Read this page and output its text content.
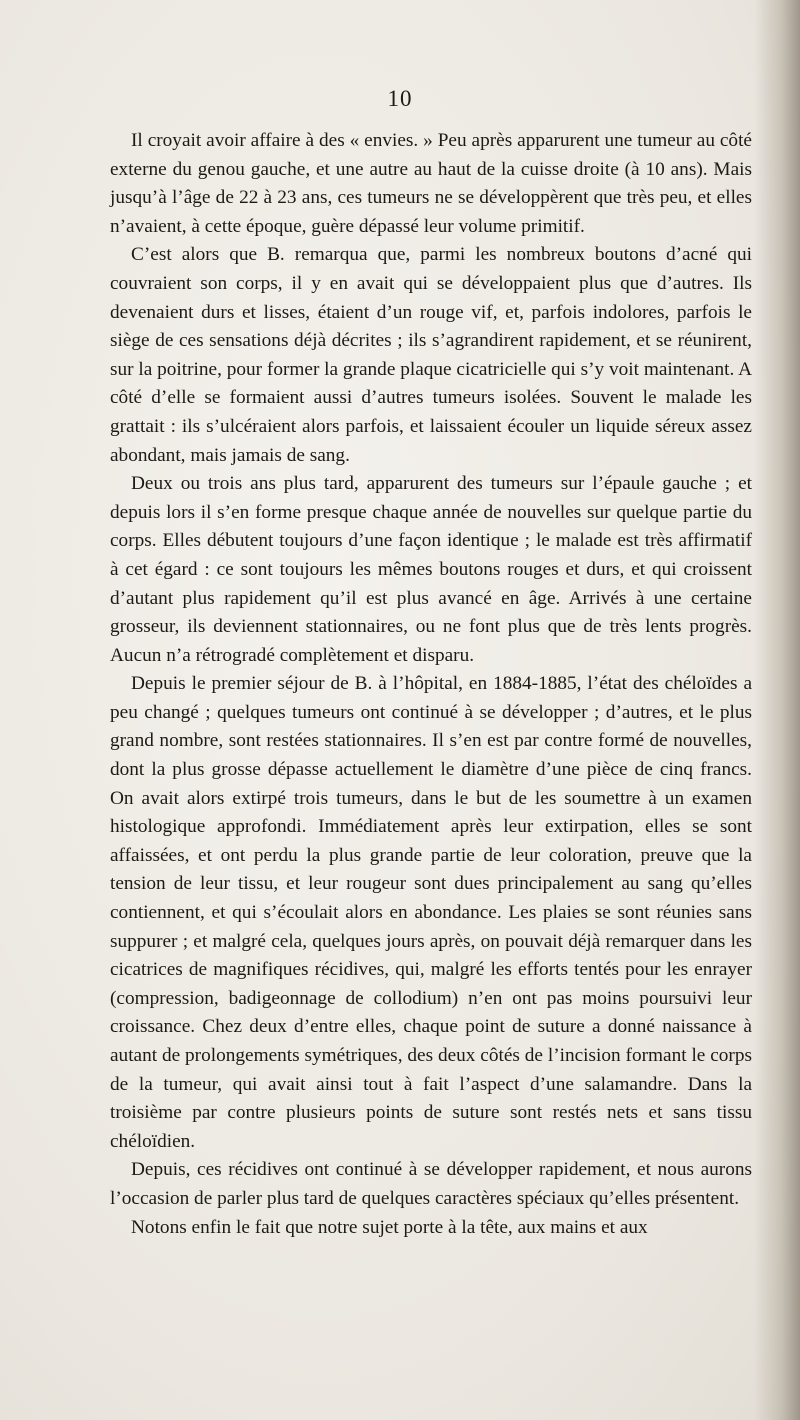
10

Il croyait avoir affaire à des « envies. » Peu après apparurent une tumeur au côté externe du genou gauche, et une autre au haut de la cuisse droite (à 10 ans). Mais jusqu’à l’âge de 22 à 23 ans, ces tumeurs ne se développèrent que très peu, et elles n’avaient, à cette époque, guère dépassé leur volume primitif.

C’est alors que B. remarqua que, parmi les nombreux boutons d’acné qui couvraient son corps, il y en avait qui se développaient plus que d’autres. Ils devenaient durs et lisses, étaient d’un rouge vif, et, parfois indolores, parfois le siège de ces sensations déjà décrites ; ils s’agrandirent rapidement, et se réunirent, sur la poitrine, pour former la grande plaque cicatricielle qui s’y voit maintenant. A côté d’elle se formaient aussi d’autres tumeurs isolées. Souvent le malade les grattait : ils s’ulcéraient alors parfois, et laissaient écouler un liquide séreux assez abondant, mais jamais de sang.

Deux ou trois ans plus tard, apparurent des tumeurs sur l’épaule gauche ; et depuis lors il s’en forme presque chaque année de nouvelles sur quelque partie du corps. Elles débutent toujours d’une façon identique ; le malade est très affirmatif à cet égard : ce sont toujours les mêmes boutons rouges et durs, et qui croissent d’autant plus rapidement qu’il est plus avancé en âge. Arrivés à une certaine grosseur, ils deviennent stationnaires, ou ne font plus que de très lents progrès. Aucun n’a rétrogradé complètement et disparu.

Depuis le premier séjour de B. à l’hôpital, en 1884-1885, l’état des chéloïdes a peu changé ; quelques tumeurs ont continué à se développer ; d’autres, et le plus grand nombre, sont restées stationnaires. Il s’en est par contre formé de nouvelles, dont la plus grosse dépasse actuellement le diamètre d’une pièce de cinq francs. On avait alors extirpé trois tumeurs, dans le but de les soumettre à un examen histologique approfondi. Immédiatement après leur extirpation, elles se sont affaissées, et ont perdu la plus grande partie de leur coloration, preuve que la tension de leur tissu, et leur rougeur sont dues principalement au sang qu’elles contiennent, et qui s’écoulait alors en abondance. Les plaies se sont réunies sans suppurer ; et malgré cela, quelques jours après, on pouvait déjà remarquer dans les cicatrices de magnifiques récidives, qui, malgré les efforts tentés pour les enrayer (compression, badigeonnage de collodium) n’en ont pas moins poursuivi leur croissance. Chez deux d’entre elles, chaque point de suture a donné naissance à autant de prolongements symétriques, des deux côtés de l’incision formant le corps de la tumeur, qui avait ainsi tout à fait l’aspect d’une salamandre. Dans la troisième par contre plusieurs points de suture sont restés nets et sans tissu chéloïdien.

Depuis, ces récidives ont continué à se développer rapidement, et nous aurons l’occasion de parler plus tard de quelques caractères spéciaux qu’elles présentent.

Notons enfin le fait que notre sujet porte à la tête, aux mains et aux
